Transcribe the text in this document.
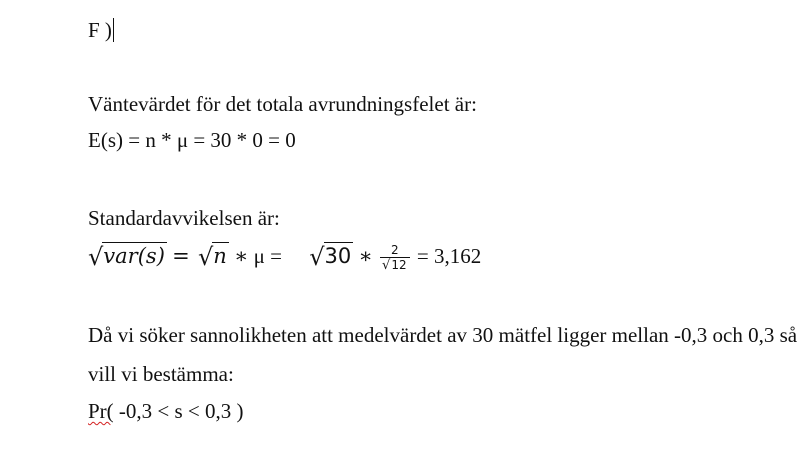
F )
Väntevärdet för det totala avrundningsfelet är:
E(s) = n * μ = 30 * 0 = 0
Standardavvikelsen är:
√var(s) = √n ∗ μ = √30 ∗ $\frac{2}{√12} = 3,162$
Då vi söker sannolikheten att medelvärdet av 30 mätfel ligger mellan -0,3 och 0,3 så
vill vi bestämma:
Pr( -0,3 < s < 0,3 )
